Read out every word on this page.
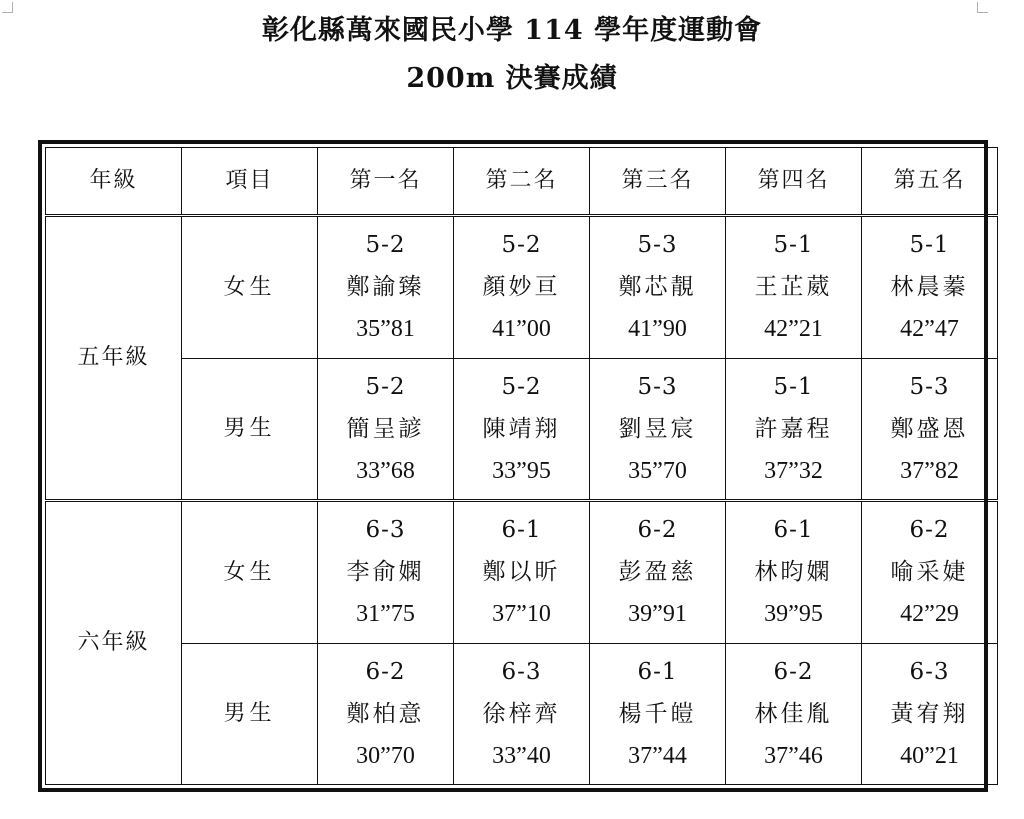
彰化縣萬來國民小學 114 學年度運動會
200m 決賽成績
年級	項目	第一名	第二名	第三名	第四名	第五名
五年級	女生	5-2
鄭諭臻
35”81	5-2
顏妙亘
41”00	5-3
鄭芯靚
41”90	5-1
王芷葳
42”21	5-1
林晨蓁
42”47

	男生	5-2
簡呈諺
33”68	5-2
陳靖翔
33”95	5-3
劉昱宸
35”70	5-1
許嘉程
37”32	5-3
鄭盛恩
37”82

六年級	女生	6-3
李俞嫻
31”75	6-1
鄭以昕
37”10	6-2
彭盈慈
39”91	6-1
林昀嫻
39”95	6-2
喻采婕
42”29

	男生	6-2
鄭柏意
30”70	6-3
徐梓齊
33”40	6-1
楊千皚
37”44	6-2
林佳胤
37”46	6-3
黃宥翔
40”21
